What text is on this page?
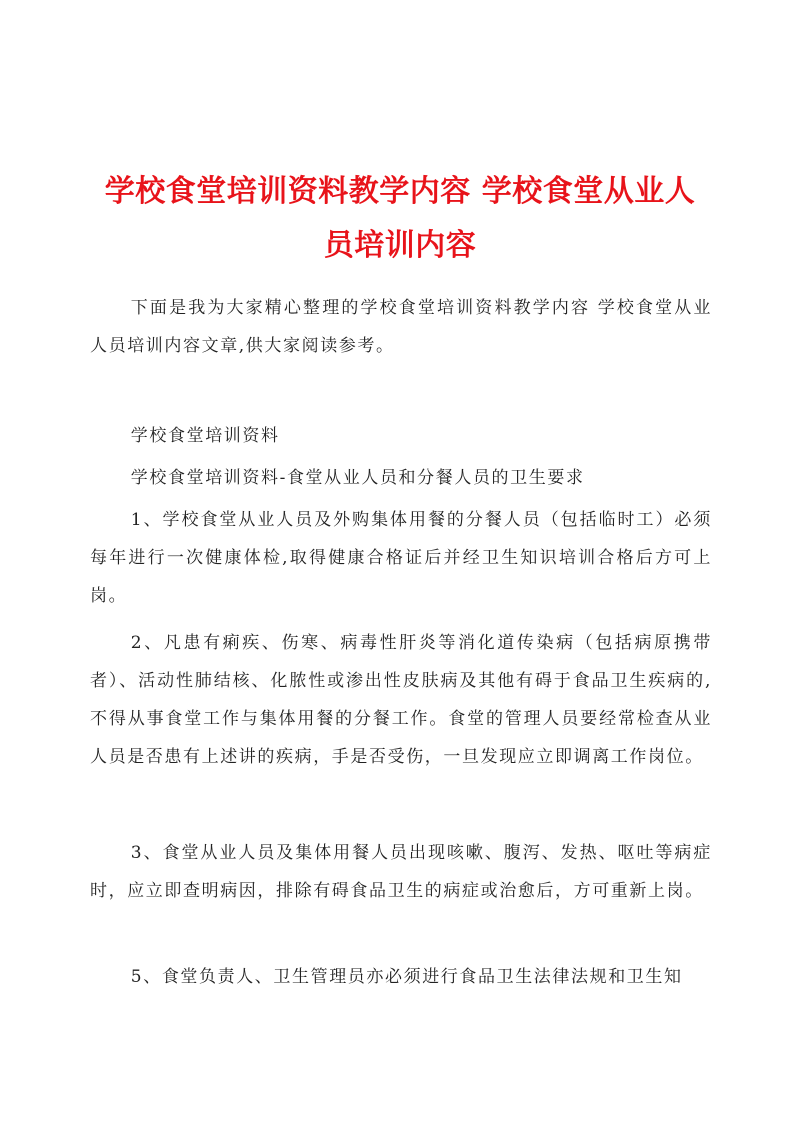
学校食堂培训资料教学内容 学校食堂从业人员培训内容

下面是我为大家精心整理的学校食堂培训资料教学内容 学校食堂从业人员培训内容文章,供大家阅读参考。

学校食堂培训资料

学校食堂培训资料-食堂从业人员和分餐人员的卫生要求

1、学校食堂从业人员及外购集体用餐的分餐人员（包括临时工）必须每年进行一次健康体检,取得健康合格证后并经卫生知识培训合格后方可上岗。

2、凡患有痢疾、伤寒、病毒性肝炎等消化道传染病（包括病原携带者）、活动性肺结核、化脓性或渗出性皮肤病及其他有碍于食品卫生疾病的,不得从事食堂工作与集体用餐的分餐工作。食堂的管理人员要经常检查从业人员是否患有上述讲的疾病，手是否受伤，一旦发现应立即调离工作岗位。

3、食堂从业人员及集体用餐人员出现咳嗽、腹泻、发热、呕吐等病症时，应立即查明病因，排除有碍食品卫生的病症或治愈后，方可重新上岗。

5、食堂负责人、卫生管理员亦必须进行食品卫生法律法规和卫生知
